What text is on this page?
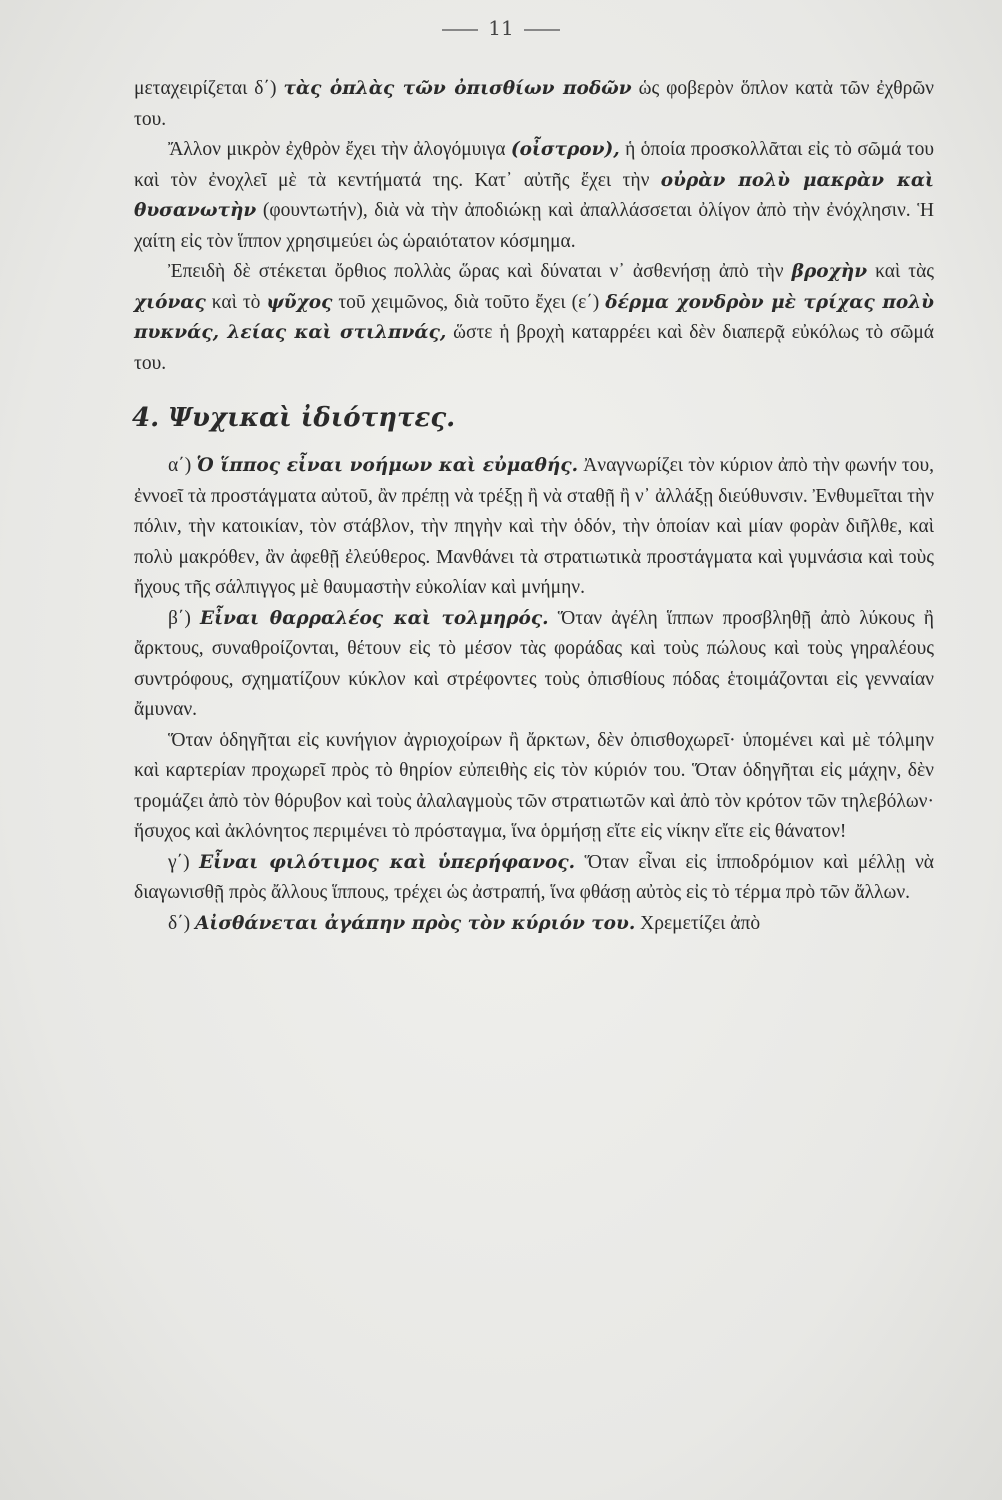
11

μεταχειρίζεται δ΄) τὰς ὁπλὰς τῶν ὀπισθίων ποδῶν ὡς φοβερὸν ὅπλον κατὰ τῶν ἐχθρῶν του.

Ἄλλον μικρὸν ἐχθρὸν ἔχει τὴν ἀλογόμυιγα (οἶστρον), ἡ ὁποία προσκολλᾶται εἰς τὸ σῶμά του καὶ τὸν ἐνοχλεῖ μὲ τὰ κεντήματά της. Κατ᾽ αὐτῆς ἔχει τὴν οὐρὰν πολὺ μακρὰν καὶ θυσανωτὴν (φουντωτήν), διὰ νὰ τὴν ἀποδιώκῃ καὶ ἀπαλλάσσεται ὀλίγον ἀπὸ τὴν ἐνόχλησιν. Ἡ χαίτη εἰς τὸν ἵππον χρησιμεύει ὡς ὡραιότατον κόσμημα.

Ἐπειδὴ δὲ στέκεται ὄρθιος πολλὰς ὥρας καὶ δύναται ν᾽ ἀσθενήσῃ ἀπὸ τὴν βροχὴν καὶ τὰς χιόνας καὶ τὸ ψῦχος τοῦ χειμῶνος, διὰ τοῦτο ἔχει (ε΄) δέρμα χονδρὸν μὲ τρίχας πολὺ πυκνάς, λείας καὶ στιλπνάς, ὥστε ἡ βροχὴ καταρρέει καὶ δὲν διαπερᾷ εὐκόλως τὸ σῶμά του.

4. Ψυχικαὶ ἰδιότητες.

α΄) Ὁ ἵππος εἶναι νοήμων καὶ εὐμαθής. Ἀναγνωρίζει τὸν κύριον ἀπὸ τὴν φωνήν του, ἐννοεῖ τὰ προστάγματα αὐτοῦ, ἂν πρέπῃ νὰ τρέξῃ ἢ νὰ σταθῇ ἢ ν᾽ ἀλλάξῃ διεύθυνσιν. Ἐνθυμεῖται τὴν πόλιν, τὴν κατοικίαν, τὸν στάβλον, τὴν πηγὴν καὶ τὴν ὁδόν, τὴν ὁποίαν καὶ μίαν φορὰν διῆλθε, καὶ πολὺ μακρόθεν, ἂν ἀφεθῇ ἐλεύθερος. Μανθάνει τὰ στρατιωτικὰ προστάγματα καὶ γυμνάσια καὶ τοὺς ἤχους τῆς σάλπιγγος μὲ θαυμαστὴν εὐκολίαν καὶ μνήμην.

β΄) Εἶναι θαρραλέος καὶ τολμηρός. Ὅταν ἀγέλη ἵππων προσβληθῇ ἀπὸ λύκους ἢ ἄρκτους, συναθροίζονται, θέτουν εἰς τὸ μέσον τὰς φοράδας καὶ τοὺς πώλους καὶ τοὺς γηραλέους συντρόφους, σχηματίζουν κύκλον καὶ στρέφοντες τοὺς ὀπισθίους πόδας ἑτοιμάζονται εἰς γενναίαν ἄμυναν.

Ὅταν ὁδηγῆται εἰς κυνήγιον ἀγριοχοίρων ἢ ἄρκτων, δὲν ὀπισθοχωρεῖ· ὑπομένει καὶ μὲ τόλμην καὶ καρτερίαν προχωρεῖ πρὸς τὸ θηρίον εὐπειθὴς εἰς τὸν κύριόν του. Ὅταν ὁδηγῆται εἰς μάχην, δὲν τρομάζει ἀπὸ τὸν θόρυβον καὶ τοὺς ἀλαλαγμοὺς τῶν στρατιωτῶν καὶ ἀπὸ τὸν κρότον τῶν τηλεβόλων· ἥσυχος καὶ ἀκλόνητος περιμένει τὸ πρόσταγμα, ἵνα ὁρμήσῃ εἴτε εἰς νίκην εἴτε εἰς θάνατον!

γ΄) Εἶναι φιλότιμος καὶ ὑπερήφανος. Ὅταν εἶναι εἰς ἱπποδρόμιον καὶ μέλλῃ νὰ διαγωνισθῇ πρὸς ἄλλους ἵππους, τρέχει ὡς ἀστραπή, ἵνα φθάσῃ αὐτὸς εἰς τὸ τέρμα πρὸ τῶν ἄλλων.

δ΄) Αἰσθάνεται ἀγάπην πρὸς τὸν κύριόν του. Χρεμετίζει ἀπὸ
